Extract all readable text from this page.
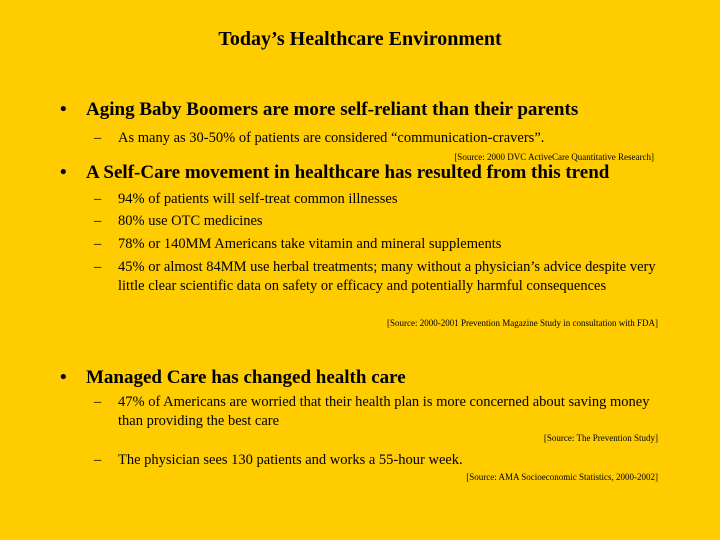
Today’s Healthcare Environment
• Aging Baby Boomers are more self-reliant than their parents
– As many as 30-50% of patients are considered “communication-cravers”.
[Source: 2000 DVC ActiveCare Quantitative Research]
• A Self-Care movement in healthcare has resulted from this trend
– 94% of patients will self-treat common illnesses
– 80% use OTC medicines
– 78% or 140MM Americans take vitamin and mineral supplements
– 45% or almost 84MM use herbal treatments; many without a physician’s advice despite very little clear scientific data on safety or efficacy and potentially harmful consequences
[Source: 2000-2001 Prevention Magazine Study in consultation with FDA]
• Managed Care has changed health care
– 47% of Americans are worried that their health plan is more concerned about saving money than providing the best care
[Source: The Prevention Study]
– The physician sees 130 patients and works a 55-hour week.
[Source: AMA Socioeconomic Statistics, 2000-2002]
